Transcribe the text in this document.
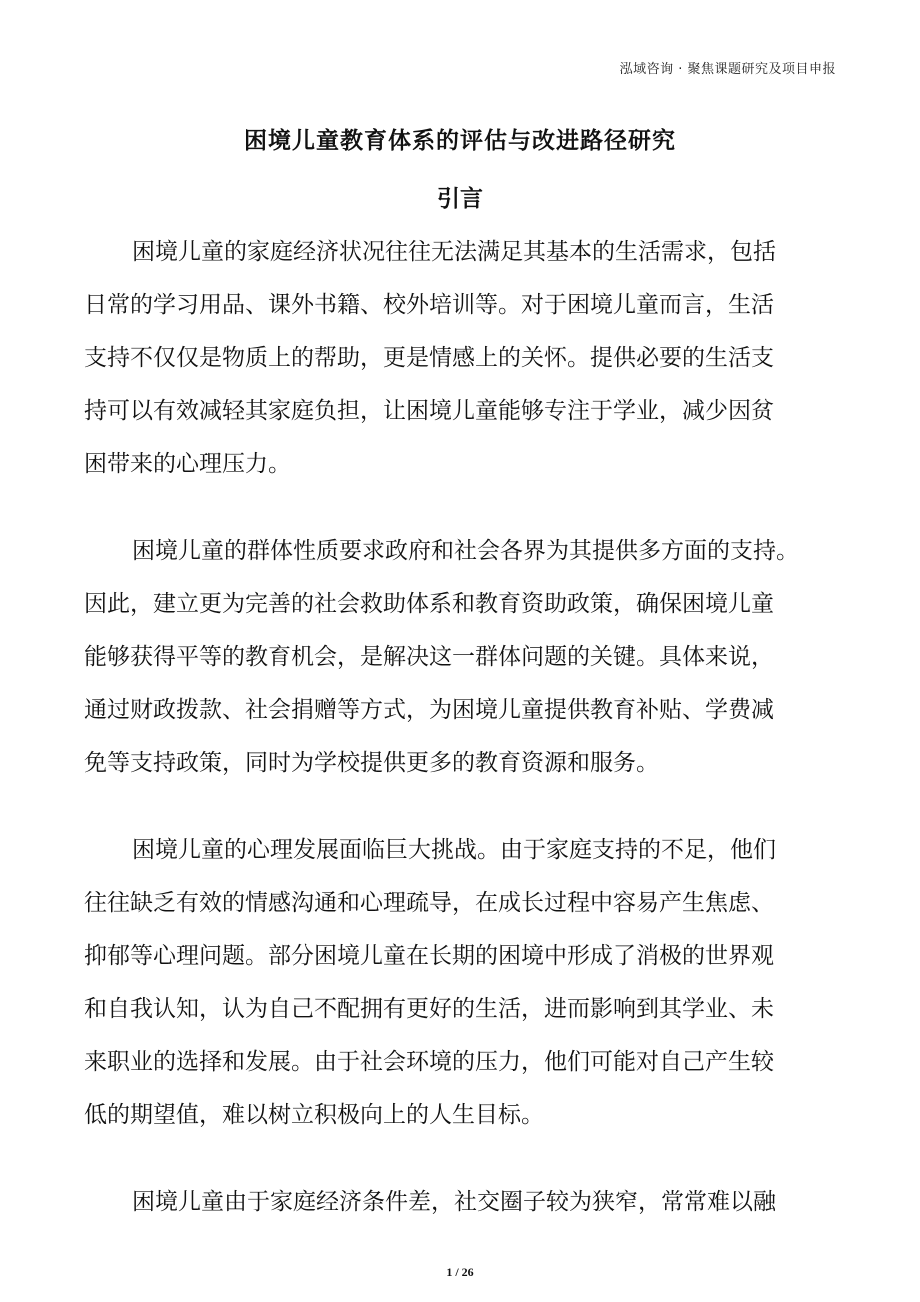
泓域咨询 · 聚焦课题研究及项目申报
困境儿童教育体系的评估与改进路径研究
引言
困境儿童的家庭经济状况往往无法满足其基本的生活需求，包括
日常的学习用品、课外书籍、校外培训等。对于困境儿童而言，生活
支持不仅仅是物质上的帮助，更是情感上的关怀。提供必要的生活支
持可以有效减轻其家庭负担，让困境儿童能够专注于学业，减少因贫
困带来的心理压力。
困境儿童的群体性质要求政府和社会各界为其提供多方面的支持。
因此，建立更为完善的社会救助体系和教育资助政策，确保困境儿童
能够获得平等的教育机会，是解决这一群体问题的关键。具体来说，
通过财政拨款、社会捐赠等方式，为困境儿童提供教育补贴、学费减
免等支持政策，同时为学校提供更多的教育资源和服务。
困境儿童的心理发展面临巨大挑战。由于家庭支持的不足，他们
往往缺乏有效的情感沟通和心理疏导，在成长过程中容易产生焦虑、
抑郁等心理问题。部分困境儿童在长期的困境中形成了消极的世界观
和自我认知，认为自己不配拥有更好的生活，进而影响到其学业、未
来职业的选择和发展。由于社会环境的压力，他们可能对自己产生较
低的期望值，难以树立积极向上的人生目标。
困境儿童由于家庭经济条件差，社交圈子较为狭窄，常常难以融
1 / 26
